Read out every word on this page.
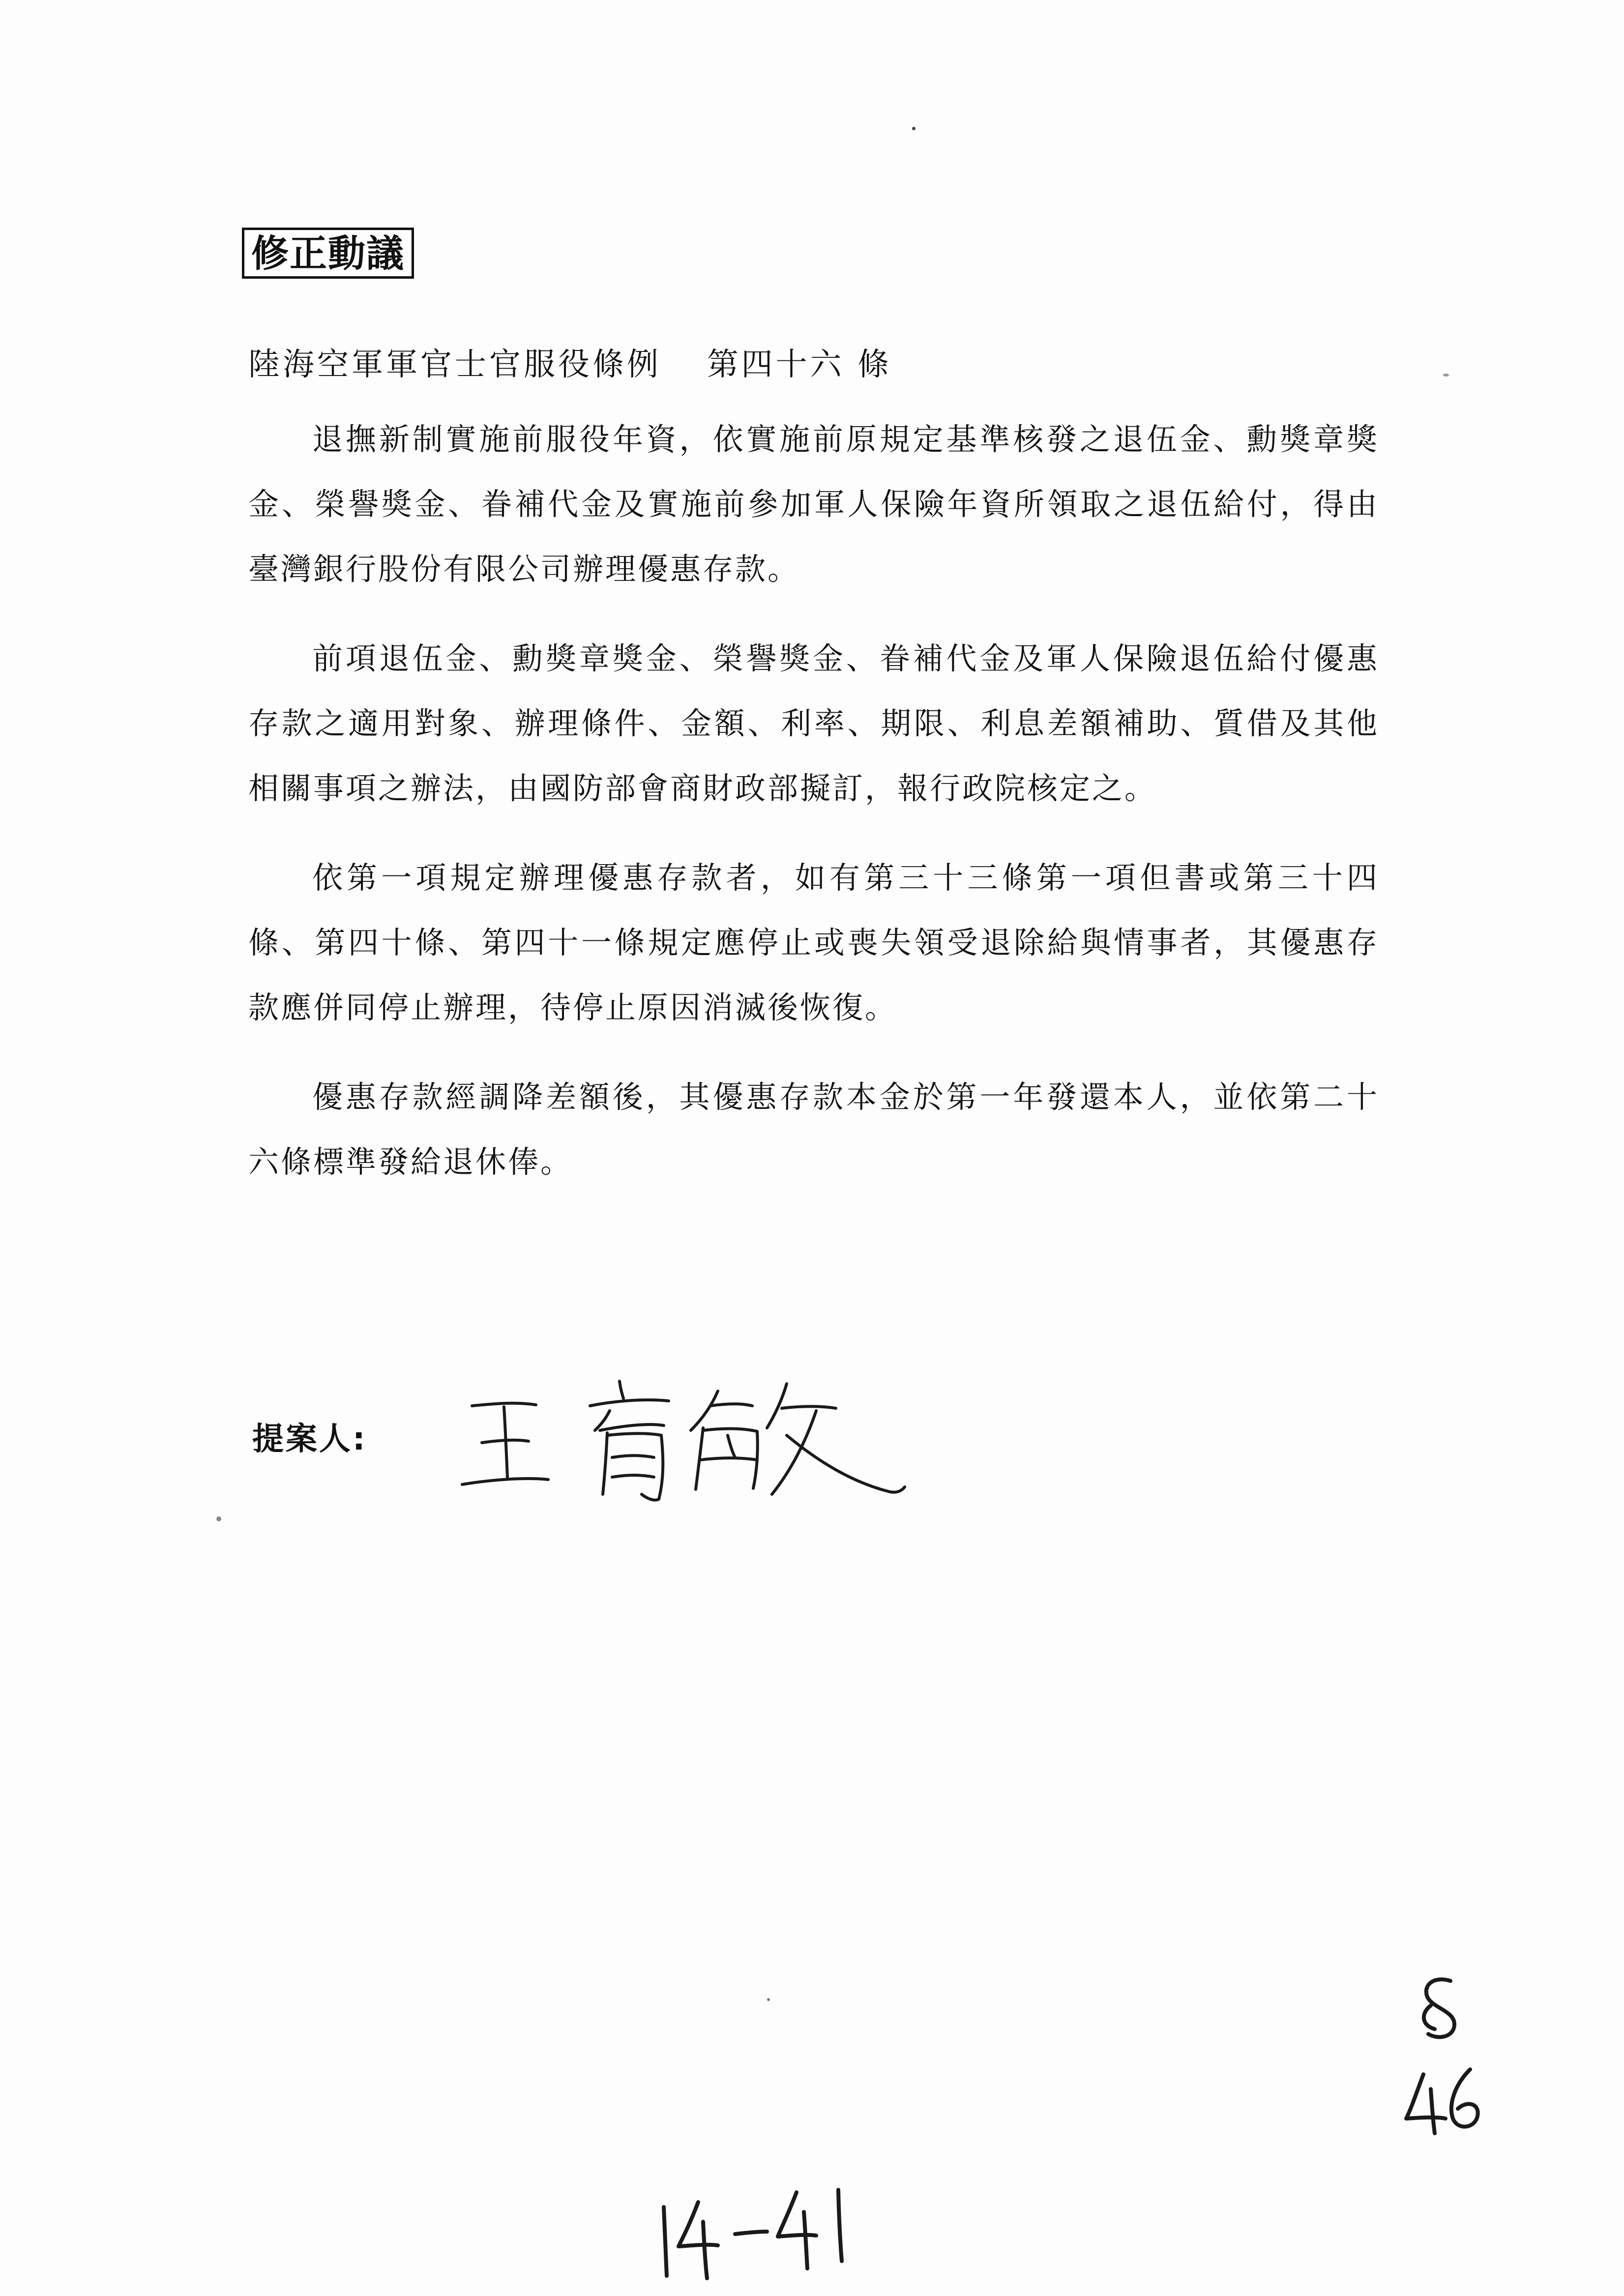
修正動議
陸海空軍軍官士官服役條例 第四十六 條

退撫新制實施前服役年資，依實施前原規定基準核發之退伍金、勳獎章獎金、榮譽獎金、眷補代金及實施前參加軍人保險年資所領取之退伍給付，得由臺灣銀行股份有限公司辦理優惠存款。

前項退伍金、勳獎章獎金、榮譽獎金、眷補代金及軍人保險退伍給付優惠存款之適用對象、辦理條件、金額、利率、期限、利息差額補助、質借及其他相關事項之辦法，由國防部會商財政部擬訂，報行政院核定之。

依第一項規定辦理優惠存款者，如有第三十三條第一項但書或第三十四條、第四十條、第四十一條規定應停止或喪失領受退除給與情事者，其優惠存款應併同停止辦理，待停止原因消滅後恢復。

優惠存款經調降差額後，其優惠存款本金於第一年發還本人，並依第二十六條標準發給退休俸。

提案人:
